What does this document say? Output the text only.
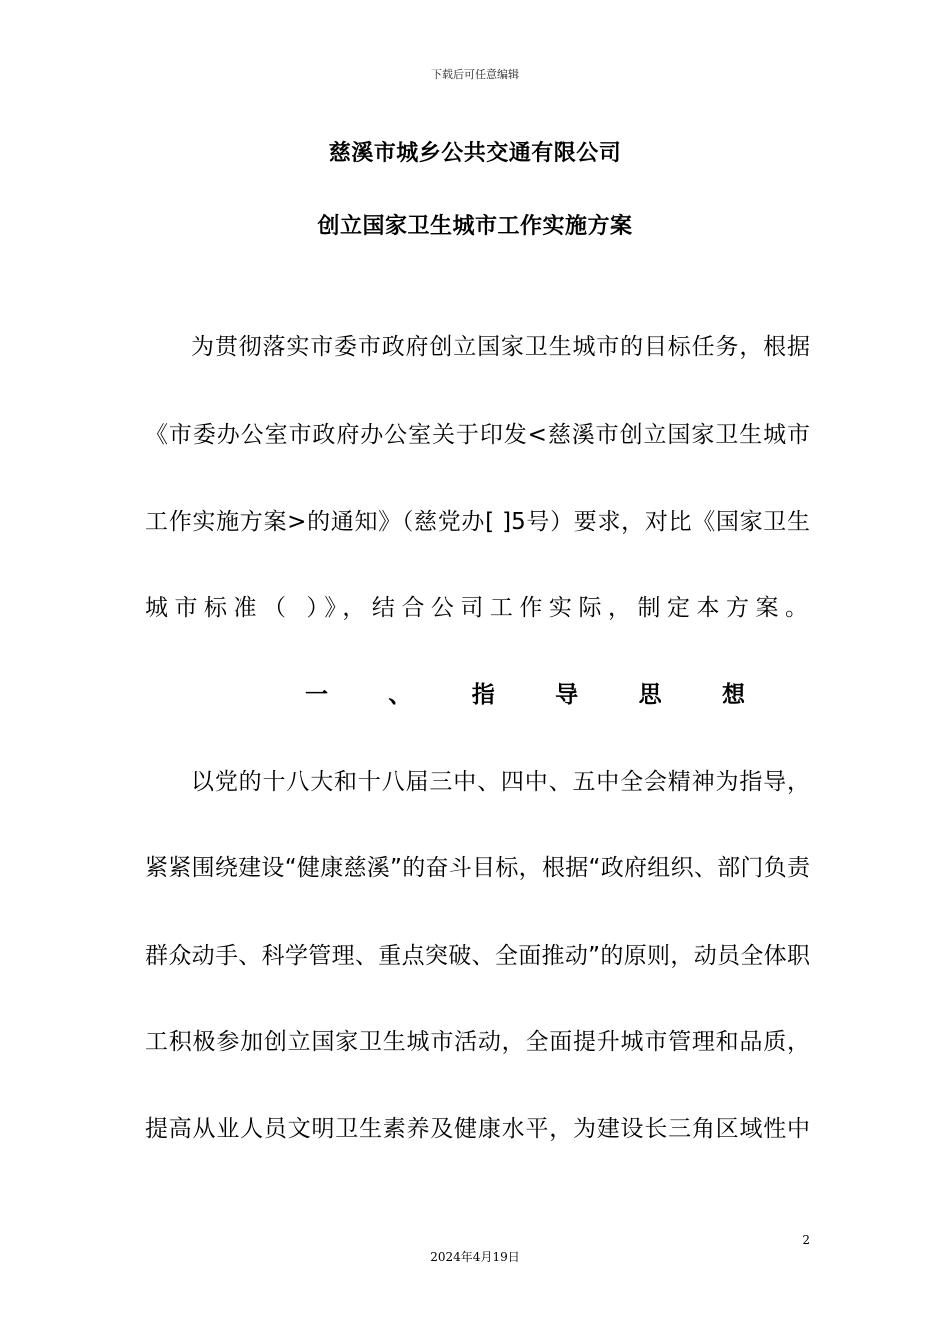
下载后可任意编辑
慈溪市城乡公共交通有限公司
创立国家卫生城市工作实施方案
为贯彻落实市委市政府创立国家卫生城市的目标任务，根据
《市委办公室市政府办公室关于印发<慈溪市创立国家卫生城市
工作实施方案>的通知》（慈党办[ ]5号）要求，对比《国家卫生
城市标准（ ）》，结合公司工作实际，制定本方案。
一	、	指	导	思	想
以党的十八大和十八届三中、四中、五中全会精神为指导，
紧紧围绕建设“健康慈溪”的奋斗目标，根据“政府组织、部门负责
群众动手、科学管理、重点突破、全面推动”的原则，动员全体职
工积极参加创立国家卫生城市活动，全面提升城市管理和品质，
提高从业人员文明卫生素养及健康水平，为建设长三角区域性中
2
2024年4月19日
